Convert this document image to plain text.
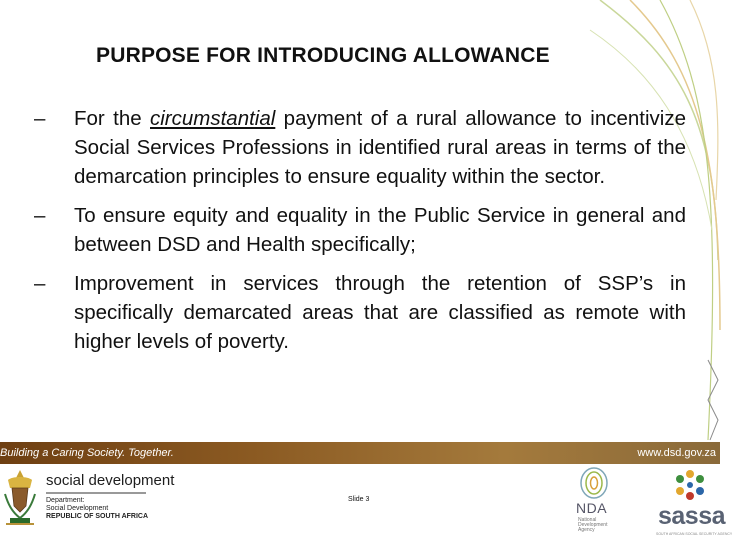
PURPOSE FOR INTRODUCING ALLOWANCE
–	For the circumstantial payment of a rural allowance to incentivize Social Services Professions in identified rural areas in terms of the demarcation principles to ensure equality within the sector.
–	To ensure equity and equality in the Public Service in general and between DSD and Health specifically;
–	Improvement in services through the retention of SSP’s in specifically demarcated areas that are classified as remote with higher levels of poverty.
Building a Caring Society. Together.	www.dsd.gov.za
social development
Department:
Social Development
REPUBLIC OF SOUTH AFRICA
Slide 3
NDA
National
Development
Agency	sassa
SOUTH AFRICAN SOCIAL SECURITY AGENCY
